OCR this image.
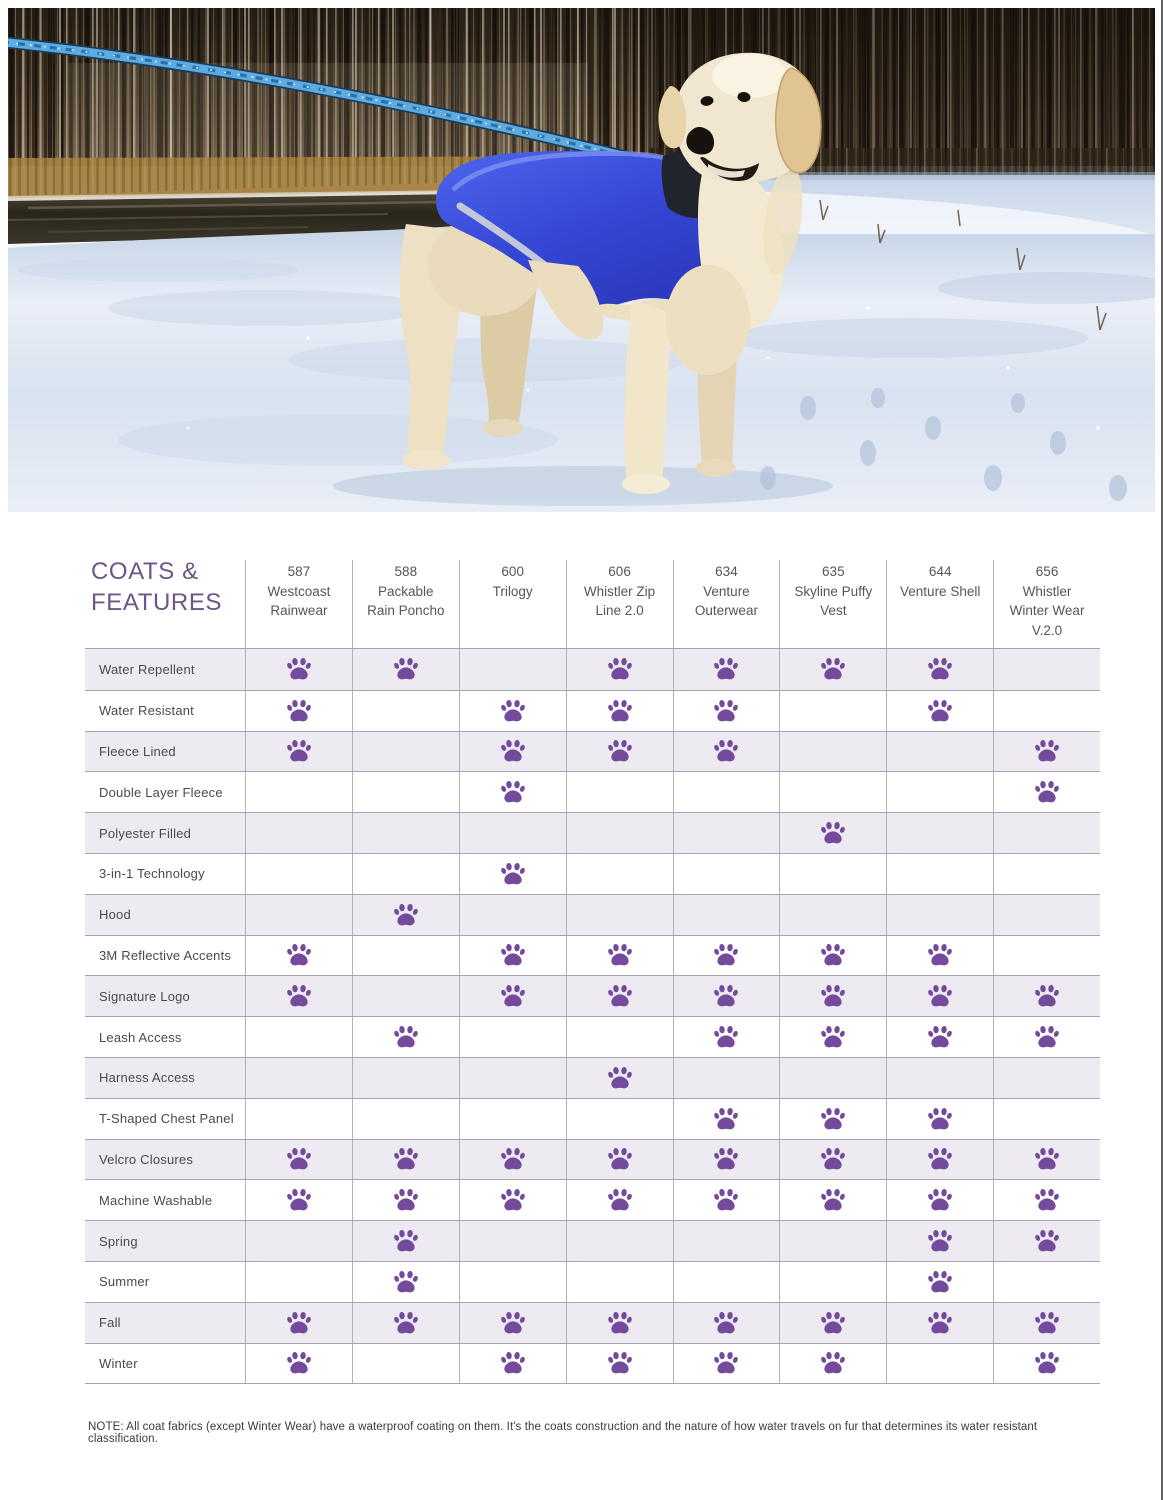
COATS & FEATURES
587
Westcoast Rainwear
588
Packable Rain Poncho
600
Trilogy
606
Whistler Zip Line 2.0
634
Venture Outerwear
635
Skyline Puffy Vest
644
Venture Shell
656
Whistler Winter Wear V.2.0
Water Repellent
Water Resistant
Fleece Lined
Double Layer Fleece
Polyester Filled
3-in-1 Technology
Hood
3M Reflective Accents
Signature Logo
Leash Access
Harness Access
T-Shaped Chest Panel
Velcro Closures
Machine Washable
Spring
Summer
Fall
Winter
NOTE: All coat fabrics (except Winter Wear) have a waterproof coating on them. It's the coats construction and the nature of how water travels on fur that determines its water resistant classification.
